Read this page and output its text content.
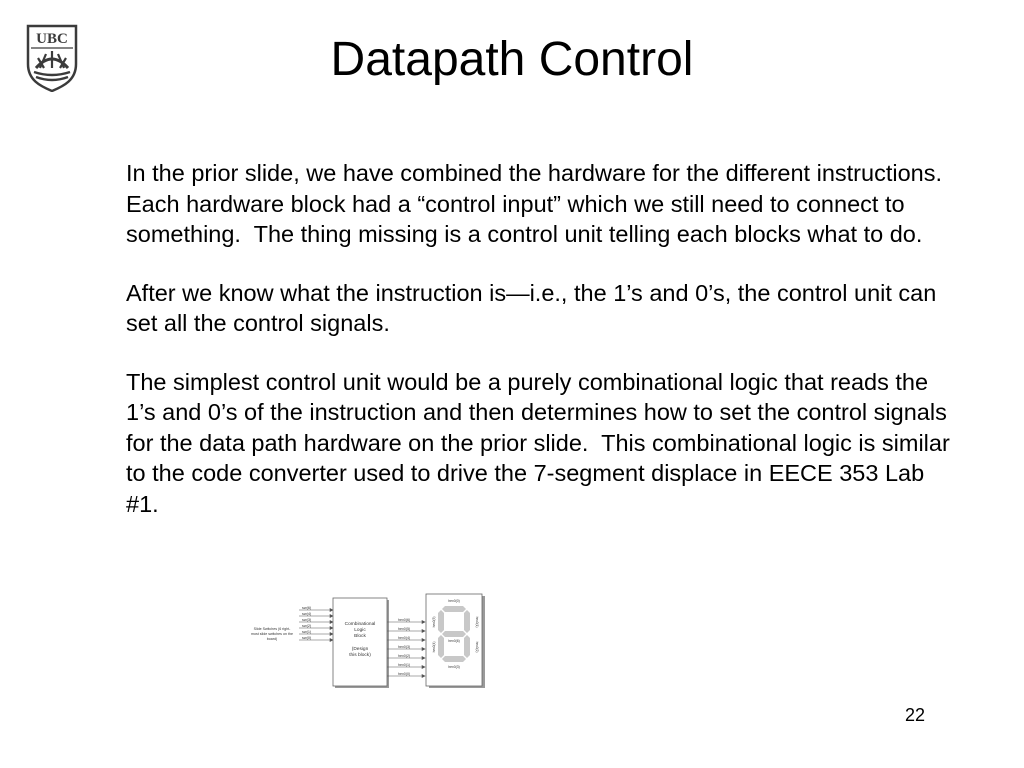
UBC	Datapath Control

In the prior slide, we have combined the hardware for the different instructions.  Each hardware block had a “control input” which we still need to connect to something.  The thing missing is a control unit telling each blocks what to do.

After we know what the instruction is—i.e., the 1’s and 0’s, the control unit can set all the control signals.

The simplest control unit would be a purely combinational logic that reads the 1’s and 0’s of the instruction and then determines how to set the control signals for the data path hardware on the prior slide.  This combinational logic is similar to the code converter used to drive the 7-segment displace in EECE 353 Lab #1.

Slide Switches (6 right-
most slide switches on the
board)
sw(6)
sw(4)
sw(3)
sw(2)
sw(1)
sw(0)
Combinational
Logic
Block
(Design
this block)
hex0(6)
hex0(5)
hex0(4)
hex0(3)
hex0(2)
hex0(1)
hex0(0)
hex0(0)
hex0(6)
hex0(3)
hex0(5)	hex0(1)
hex0(4)	hex0(2)
22
